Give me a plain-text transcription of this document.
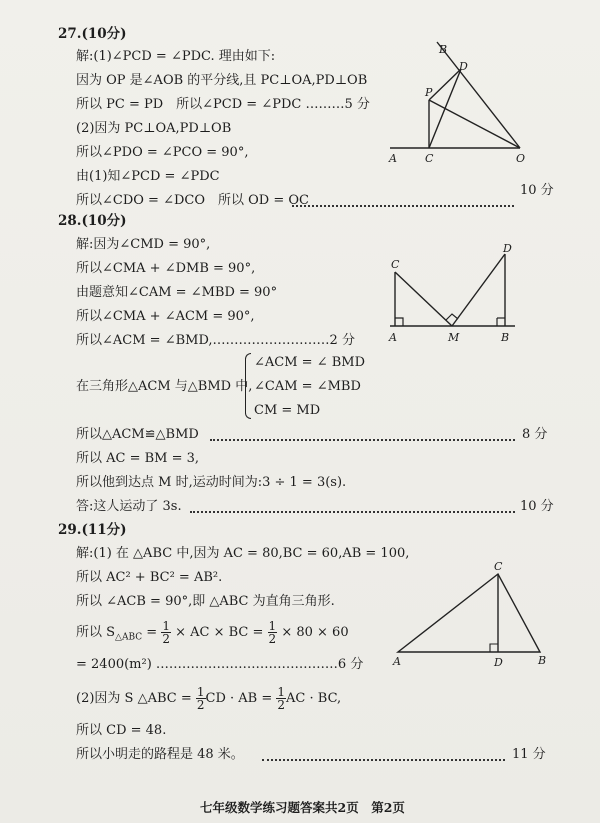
27.(10分)
解:(1)∠PCD = ∠PDC. 理由如下:
因为 OP 是∠AOB 的平分线,且 PC⊥OA,PD⊥OB
所以 PC = PD　所以∠PCD = ∠PDC ………5 分
(2)因为 PC⊥OA,PD⊥OB
所以∠PDO = ∠PCO = 90°,
由(1)知∠PCD = ∠PDC
所以∠CDO = ∠DCO　所以 OD = OC
10 分
B
D
P
A	C	O
28.(10分)
解:因为∠CMD = 90°,
所以∠CMA + ∠DMB = 90°,
由题意知∠CAM = ∠MBD = 90°
所以∠CMA + ∠ACM = 90°,
所以∠ACM = ∠BMD,………………………2 分
在三角形△ACM 与△BMD 中,
∠ACM = ∠ BMD
∠CAM = ∠MBD
CM = MD
所以△ACM≌△BMD	8 分
所以 AC = BM = 3,
所以他到达点 M 时,运动时间为:3 ÷ 1 = 3(s).
答:这人运动了 3s.	10 分
C
D
A	M	B
29.(11分)
解:(1) 在 △ABC 中,因为 AC = 80,BC = 60,AB = 100,
所以 AC² + BC² = AB².
所以 ∠ACB = 90°,即 △ABC 为直角三角形.
所以 $S_{\triangle ABC} = \frac{1}{2}$ × AC × BC = $\frac{1}{2} \times 80 \times 60$
= 2400(m²) ……………………………………6 分
(2)因为 S △ABC = $\frac{1}{2}$ CD · AB = $\frac{1}{2}$ AC · BC,
所以 CD = 48.
所以小明走的路程是 48 米。	11 分
C
A	D	B
七年级数学练习题答案共2页　第2页
